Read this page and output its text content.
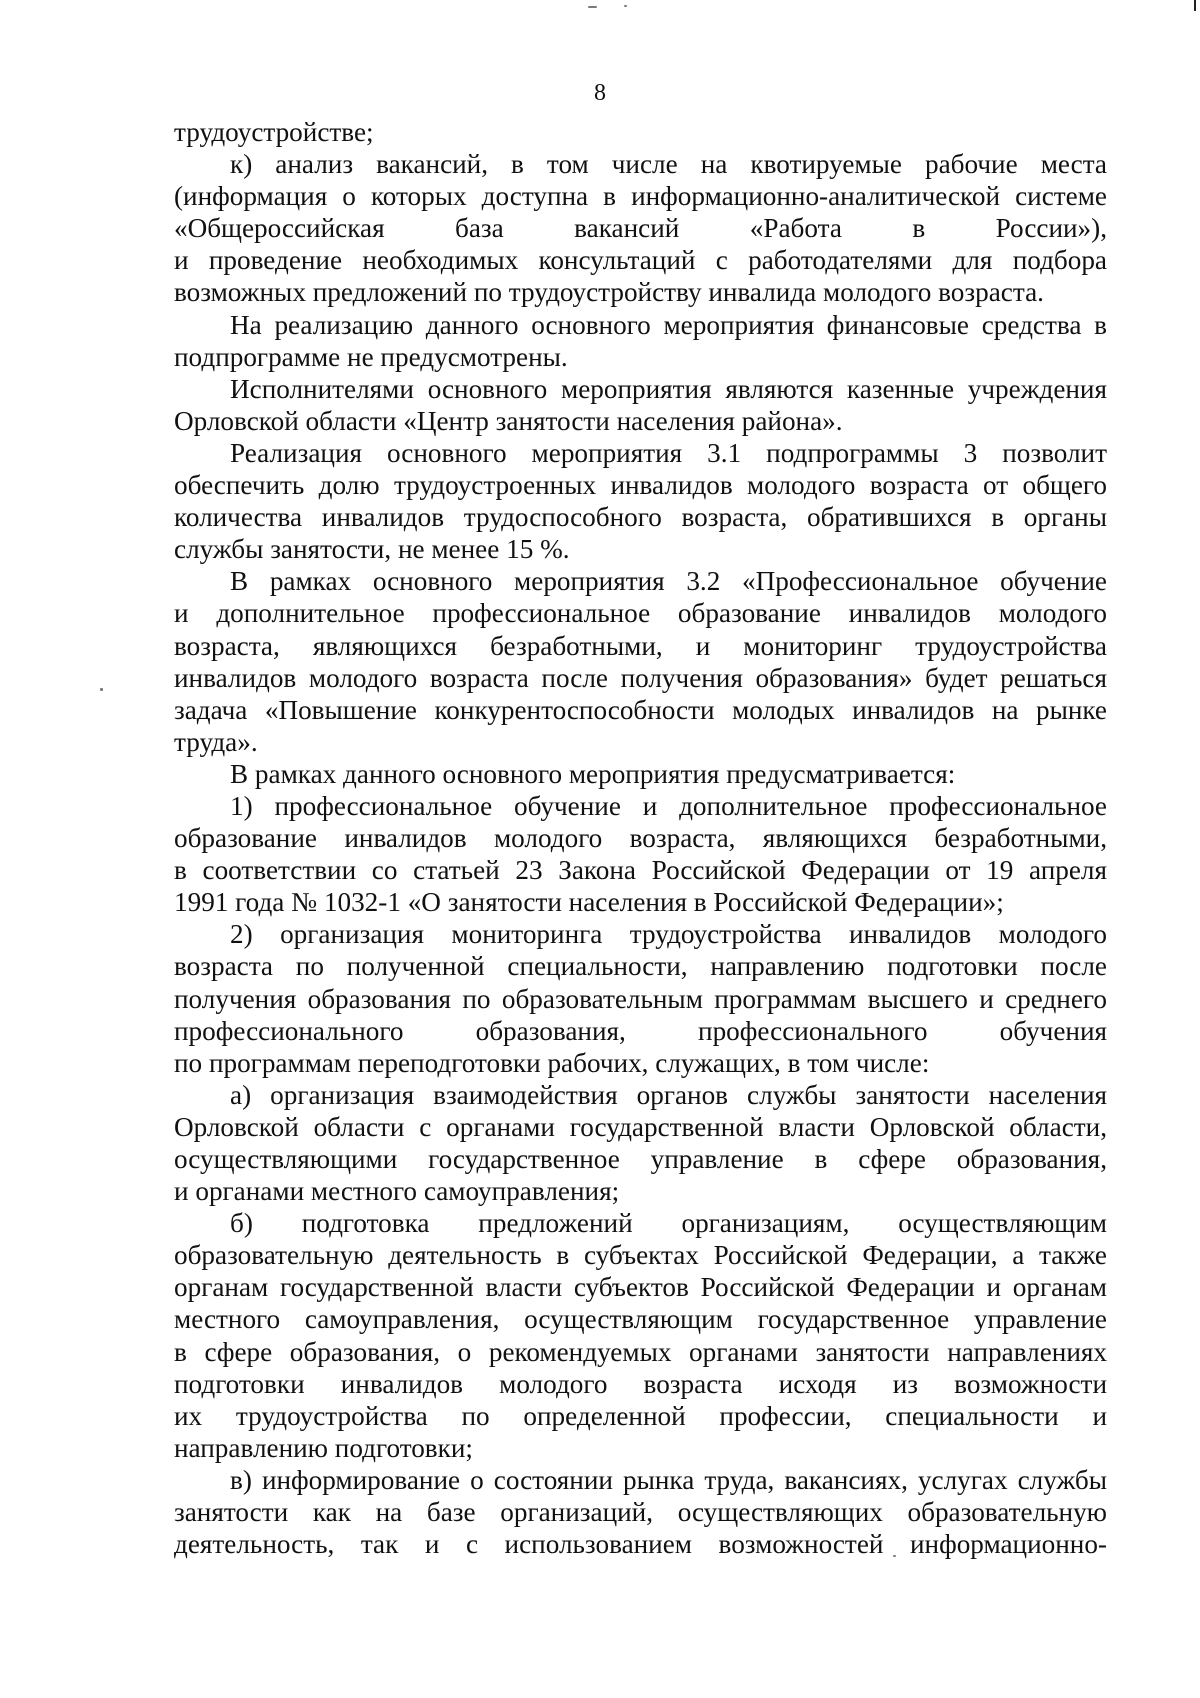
8
трудоустройстве;
к) анализ вакансий, в том числе на квотируемые рабочие места
(информация о которых доступна в информационно-аналитической системе
«Общероссийская база вакансий «Работа в России»),
и проведение необходимых консультаций с работодателями для подбора
возможных предложений по трудоустройству инвалида молодого возраста.
На реализацию данного основного мероприятия финансовые средства в
подпрограмме не предусмотрены.
Исполнителями основного мероприятия являются казенные учреждения
Орловской области «Центр занятости населения района».
Реализация основного мероприятия 3.1 подпрограммы 3 позволит
обеспечить долю трудоустроенных инвалидов молодого возраста от общего
количества инвалидов трудоспособного возраста, обратившихся в органы
службы занятости, не менее 15 %.
В рамках основного мероприятия 3.2 «Профессиональное обучение
и дополнительное профессиональное образование инвалидов молодого
возраста, являющихся безработными, и мониторинг трудоустройства
инвалидов молодого возраста после получения образования» будет решаться
задача «Повышение конкурентоспособности молодых инвалидов на рынке
труда».
В рамках данного основного мероприятия предусматривается:
1) профессиональное обучение и дополнительное профессиональное
образование инвалидов молодого возраста, являющихся безработными,
в соответствии со статьей 23 Закона Российской Федерации от 19 апреля
1991 года № 1032-1 «О занятости населения в Российской Федерации»;
2) организация мониторинга трудоустройства инвалидов молодого
возраста по полученной специальности, направлению подготовки после
получения образования по образовательным программам высшего и среднего
профессионального образования, профессионального обучения
по программам переподготовки рабочих, служащих, в том числе:
а) организация взаимодействия органов службы занятости населения
Орловской области с органами государственной власти Орловской области,
осуществляющими государственное управление в сфере образования,
и органами местного самоуправления;
б) подготовка предложений организациям, осуществляющим
образовательную деятельность в субъектах Российской Федерации, а также
органам государственной власти субъектов Российской Федерации и органам
местного самоуправления, осуществляющим государственное управление
в сфере образования, о рекомендуемых органами занятости направлениях
подготовки инвалидов молодого возраста исходя из возможности
их трудоустройства по определенной профессии, специальности и
направлению подготовки;
в) информирование о состоянии рынка труда, вакансиях, услугах службы
занятости как на базе организаций, осуществляющих образовательную
деятельность, так и с использованием возможностей информационно-
